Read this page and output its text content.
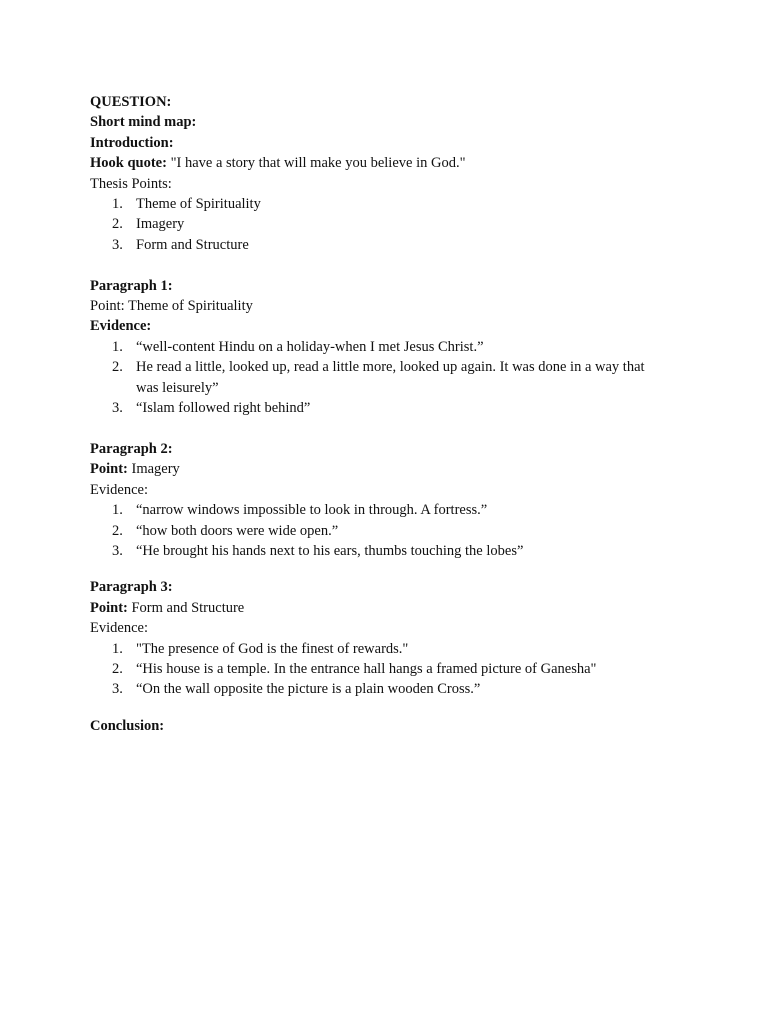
QUESTION:
Short mind map:
Introduction:
Hook quote: "I have a story that will make you believe in God."
Thesis Points:
1. Theme of Spirituality
2. Imagery
3. Form and Structure
Paragraph 1:
Point: Theme of Spirituality
Evidence:
1. “well-content Hindu on a holiday-when I met Jesus Christ.”
2. He read a little, looked up, read a little more, looked up again. It was done in a way that was leisurely”
3. “Islam followed right behind”
Paragraph 2:
Point: Imagery
Evidence:
1. “narrow windows impossible to look in through. A fortress.”
2. “how both doors were wide open.”
3. “He brought his hands next to his ears, thumbs touching the lobes”
Paragraph 3:
Point: Form and Structure
Evidence:
1. "The presence of God is the finest of rewards."
2. “His house is a temple. In the entrance hall hangs a framed picture of Ganesha"
3. “On the wall opposite the picture is a plain wooden Cross.”
Conclusion:
